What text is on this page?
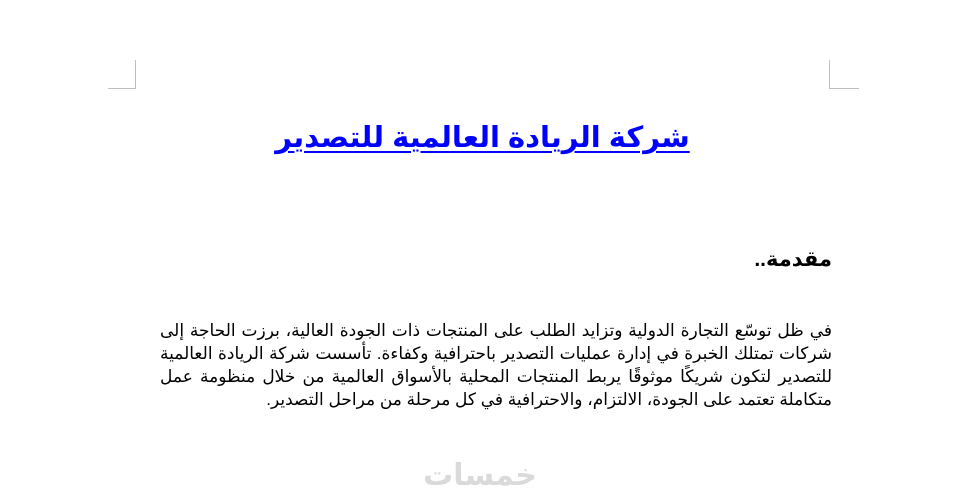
شركة الريادة العالمية للتصدير
مقدمة..

في ظل توسّع التجارة الدولية وتزايد الطلب على المنتجات ذات الجودة العالية، برزت الحاجة إلى شركات تمتلك الخبرة في إدارة عمليات التصدير باحترافية وكفاءة. تأسست شركة الريادة العالمية للتصدير لتكون شريكًا موثوقًا يربط المنتجات المحلية بالأسواق العالمية من خلال منظومة عمل متكاملة تعتمد على الجودة، الالتزام، والاحترافية في كل مرحلة من مراحل التصدير.

خمسات
